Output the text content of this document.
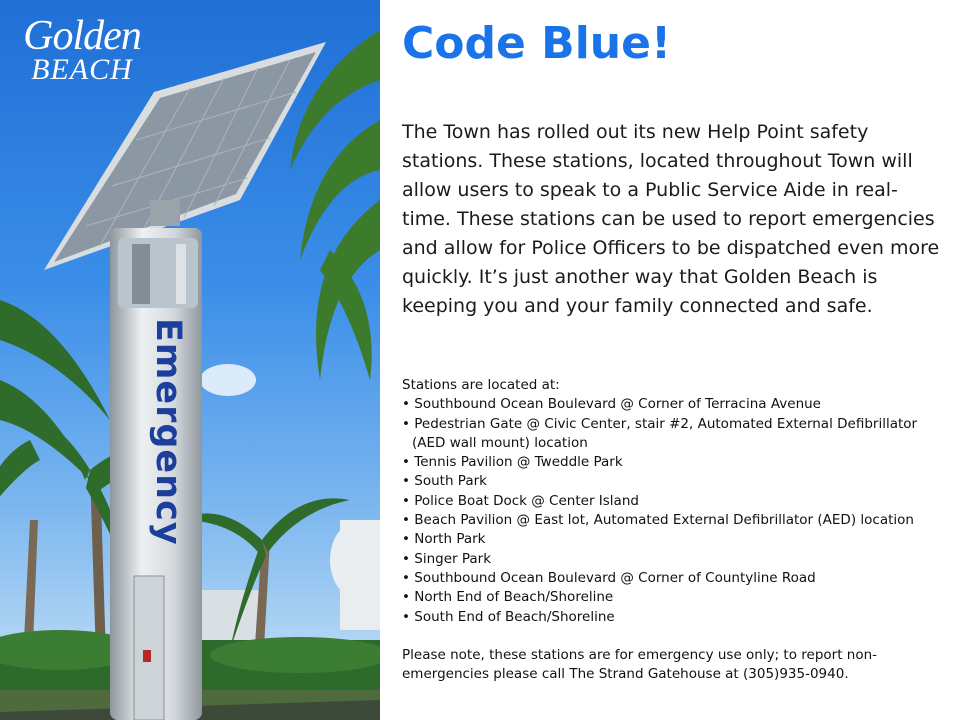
Emergency
Golden
BEACH
Code Blue!

The Town has rolled out its new Help Point safety stations. These stations, located throughout Town will allow users to speak to a Public Service Aide in real-time. These stations can be used to report emergencies and allow for Police Officers to be dispatched even more quickly. It’s just another way that Golden Beach is keeping you and your family connected and safe.

Stations are located at:
• Southbound Ocean Boulevard @ Corner of Terracina Avenue
• Pedestrian Gate @ Civic Center, stair #2, Automated External Defibrillator (AED wall mount) location
• Tennis Pavilion @ Tweddle Park
• South Park
• Police Boat Dock @ Center Island
• Beach Pavilion @ East lot, Automated External Defibrillator (AED) location
• North Park
• Singer Park
• Southbound Ocean Boulevard @ Corner of Countyline Road
• North End of Beach/Shoreline
• South End of Beach/Shoreline

Please note, these stations are for emergency use only; to report non-emergencies please call The Strand Gatehouse at (305)935-0940.
